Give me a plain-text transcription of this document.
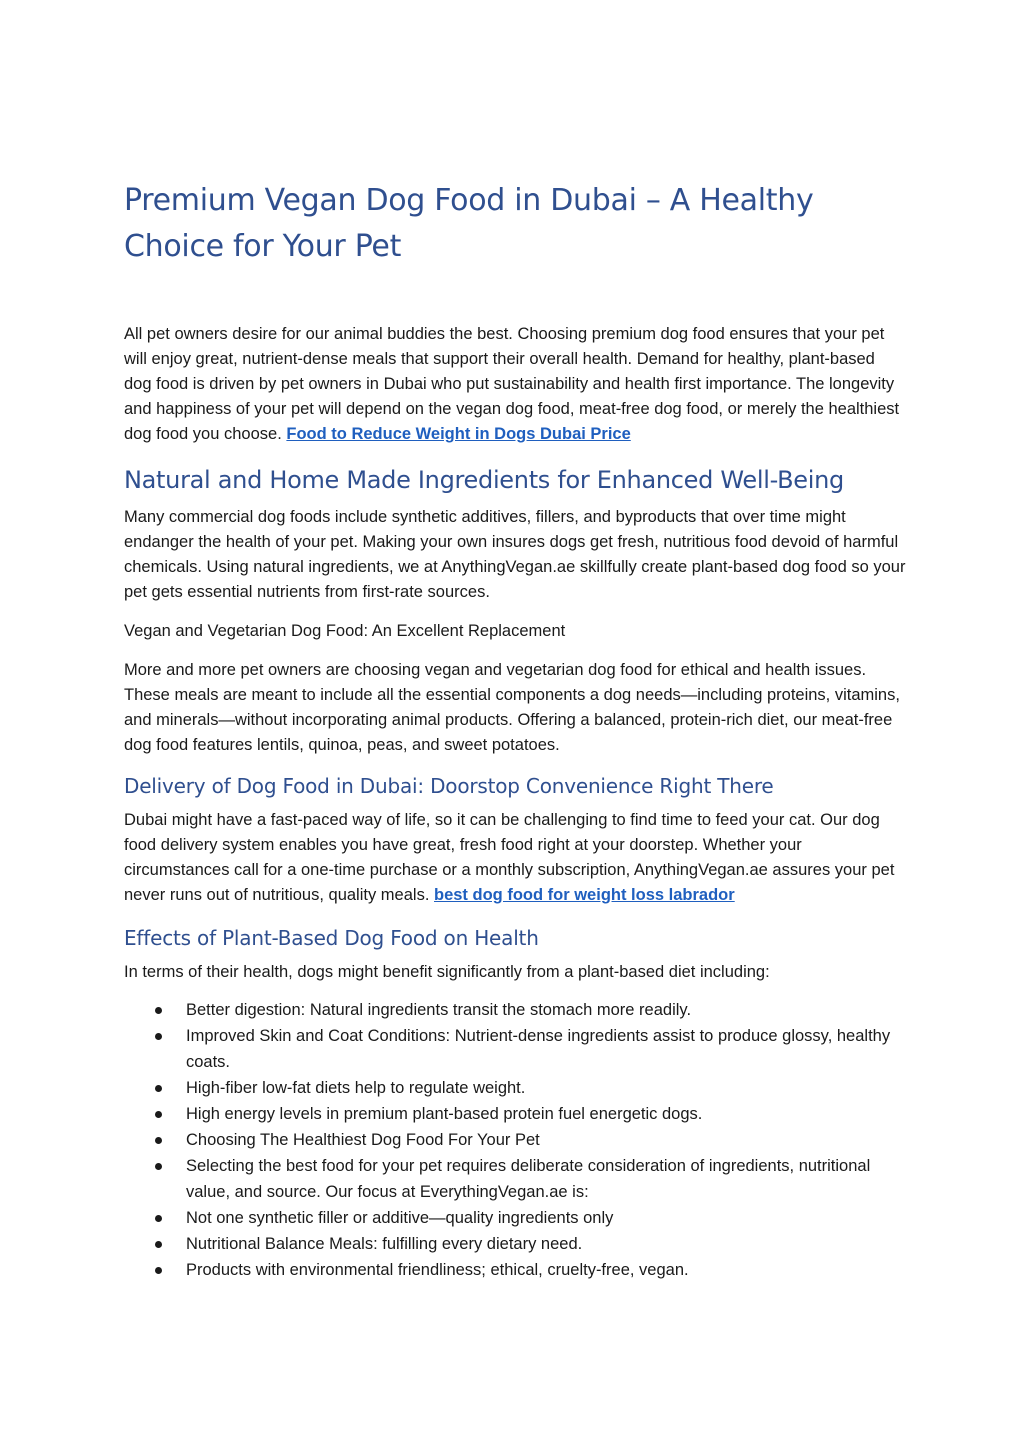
Premium Vegan Dog Food in Dubai – A Healthy Choice for Your Pet

All pet owners desire for our animal buddies the best. Choosing premium dog food ensures that your pet will enjoy great, nutrient-dense meals that support their overall health. Demand for healthy, plant-based dog food is driven by pet owners in Dubai who put sustainability and health first importance. The longevity and happiness of your pet will depend on the vegan dog food, meat-free dog food, or merely the healthiest dog food you choose. Food to Reduce Weight in Dogs Dubai Price

Natural and Home Made Ingredients for Enhanced Well-Being

Many commercial dog foods include synthetic additives, fillers, and byproducts that over time might endanger the health of your pet. Making your own insures dogs get fresh, nutritious food devoid of harmful chemicals. Using natural ingredients, we at AnythingVegan.ae skillfully create plant-based dog food so your pet gets essential nutrients from first-rate sources.

Vegan and Vegetarian Dog Food: An Excellent Replacement

More and more pet owners are choosing vegan and vegetarian dog food for ethical and health issues. These meals are meant to include all the essential components a dog needs—including proteins, vitamins, and minerals—without incorporating animal products. Offering a balanced, protein-rich diet, our meat-free dog food features lentils, quinoa, peas, and sweet potatoes.

Delivery of Dog Food in Dubai: Doorstop Convenience Right There

Dubai might have a fast-paced way of life, so it can be challenging to find time to feed your cat. Our dog food delivery system enables you have great, fresh food right at your doorstep. Whether your circumstances call for a one-time purchase or a monthly subscription, AnythingVegan.ae assures your pet never runs out of nutritious, quality meals. best dog food for weight loss labrador

Effects of Plant-Based Dog Food on Health

In terms of their health, dogs might benefit significantly from a plant-based diet including:

Better digestion: Natural ingredients transit the stomach more readily.
Improved Skin and Coat Conditions: Nutrient-dense ingredients assist to produce glossy, healthy coats.
High-fiber low-fat diets help to regulate weight.
High energy levels in premium plant-based protein fuel energetic dogs.
Choosing The Healthiest Dog Food For Your Pet
Selecting the best food for your pet requires deliberate consideration of ingredients, nutritional value, and source. Our focus at EverythingVegan.ae is:
Not one synthetic filler or additive—quality ingredients only
Nutritional Balance Meals: fulfilling every dietary need.
Products with environmental friendliness; ethical, cruelty-free, vegan.
